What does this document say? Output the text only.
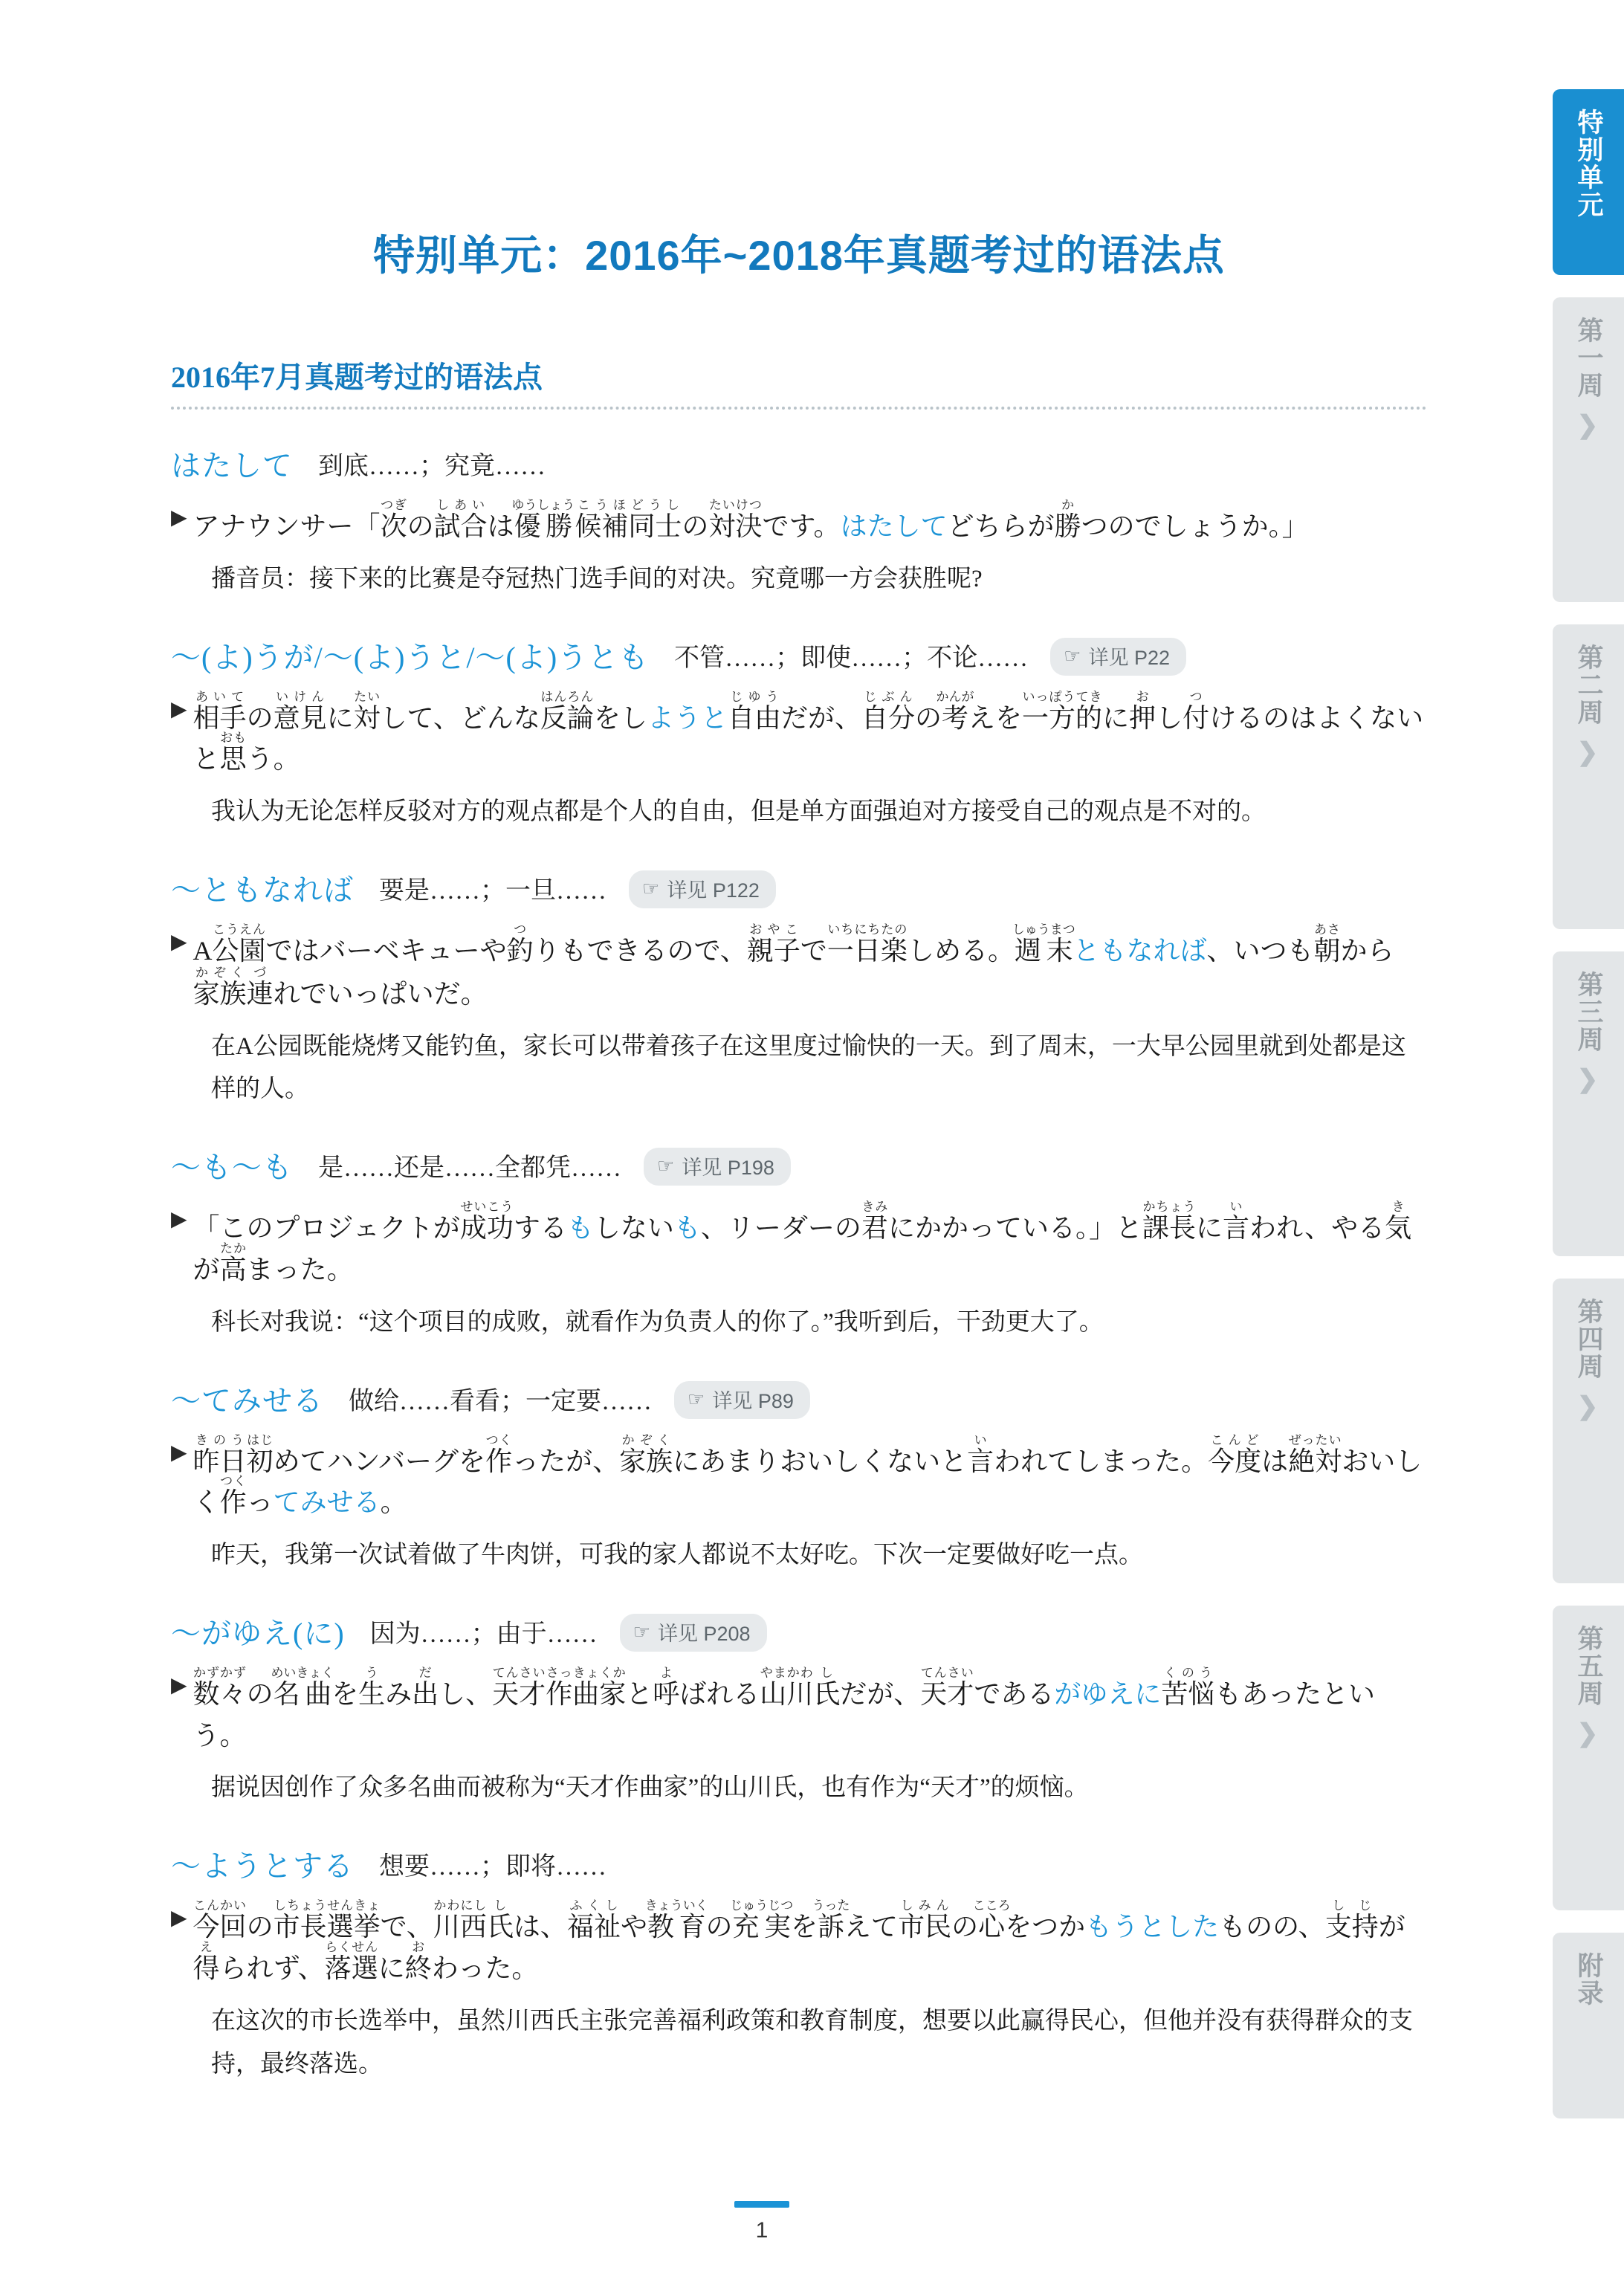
特别单元：2016年~2018年真题考过的语法点
2016年7月真题考过的语法点
はたして 到底……；究竟……
▶ アナウンサー「次つぎの試合しあいは優勝ゆうしょう候補こうほ同士どうしの対決たいけつです。はたしてどちらが勝かつのでしょうか。」
播音员：接下来的比赛是夺冠热门选手间的对决。究竟哪一方会获胜呢?
～(よ)うが/～(よ)うと/～(よ)うとも 不管……；即使……；不论…… ☞ 详见 P22
▶ 相手あいての意見いけんに対たいして、どんな反論はんろんをしようと自由じゆうだが、自分じぶんの考かんがえを一方的いっぽうてきに押おし付つけるのはよくないと思おもう。
我认为无论怎样反驳对方的观点都是个人的自由，但是单方面强迫对方接受自己的观点是不对的。
～ともなれば 要是……；一旦…… ☞ 详见 P122
▶ A公園こうえんではバーベキューや釣つりもできるので、親子おやこで一日いちにち楽たのしめる。週末しゅうまつともなれば、いつも朝あさから家族かぞく連づれでいっぱいだ。
在A公园既能烧烤又能钓鱼，家长可以带着孩子在这里度过愉快的一天。到了周末，一大早公园里就到处都是这样的人。
～も～も 是……还是……全都凭…… ☞ 详见 P198
▶ 「このプロジェクトが成功せいこうするもしないも、リーダーの君きみにかかっている。」と課長かちょうに言いわれ、やる気きが高たかまった。
科长对我说：“这个项目的成败，就看作为负责人的你了。”我听到后，干劲更大了。
～てみせる 做给……看看；一定要…… ☞ 详见 P89
▶ 昨日きのう初はじめてハンバーグを作つくったが、家族かぞくにあまりおいしくないと言いわれてしまった。今度こんどは絶対ぜったいおいしく作つくってみせる。
昨天，我第一次试着做了牛肉饼，可我的家人都说不太好吃。下次一定要做好吃一点。
～がゆえ(に) 因为……；由于…… ☞ 详见 P208
▶ 数々かずかずの名曲めいきょくを生うみ出だし、天才てんさい作曲家さっきょくかと呼よばれる山川やまかわ氏しだが、天才てんさいであるがゆえに苦悩くのうもあったという。
据说因创作了众多名曲而被称为“天才作曲家”的山川氏，也有作为“天才”的烦恼。
～ようとする 想要……；即将……
▶ 今回こんかいの市長しちょう選挙せんきょで、川西かわにし氏しは、福祉ふくしや教育きょういくの充実じゅうじつを訴うったえて市民しみんの心こころをつかもうとしたものの、支持しじが得えられず、落選らくせんに終おわった。
在这次的市长选举中，虽然川西氏主张完善福利政策和教育制度，想要以此赢得民心，但他并没有获得群众的支持，最终落选。
1
特别单元
第一周
❯
第二周
❯
第三周
❯
第四周
❯
第五周
❯
附录
